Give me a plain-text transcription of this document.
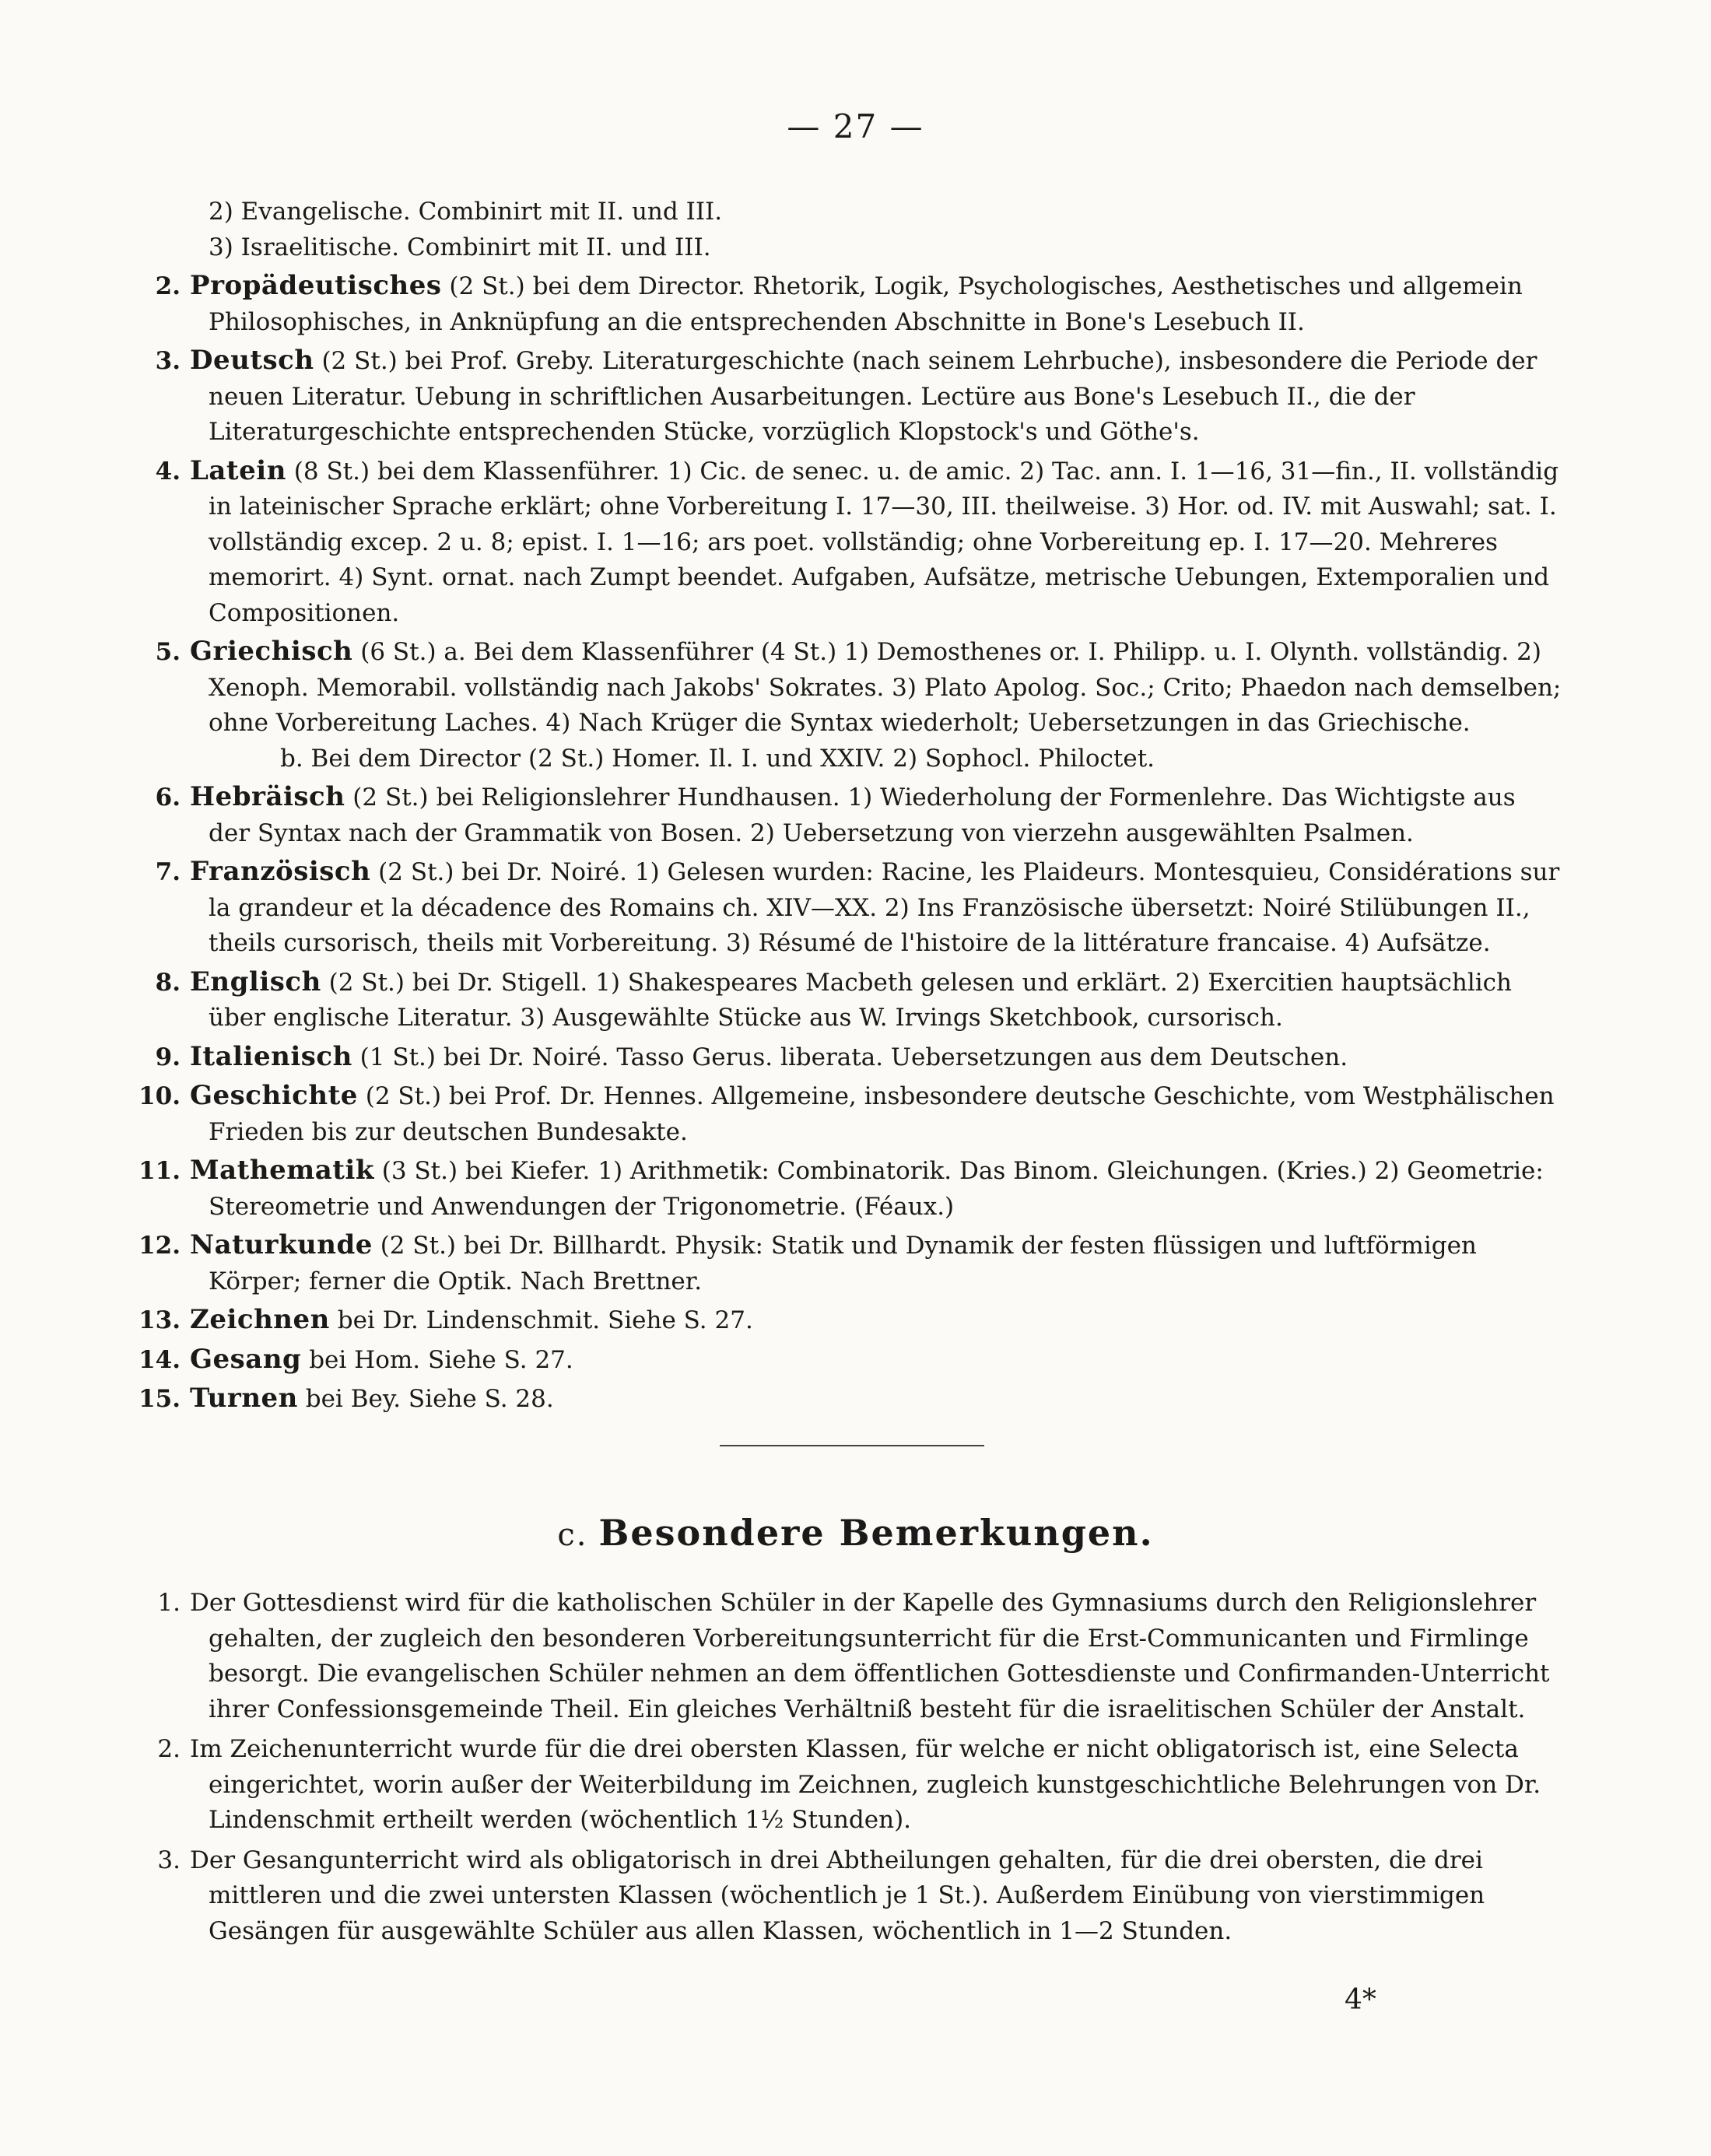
— 27 —
2) Evangelische. Combinirt mit II. und III.
3) Israelitische. Combinirt mit II. und III.
2. Propädeutisches (2 St.) bei dem Director. Rhetorik, Logik, Psychologisches, Aesthetisches und allgemein Philosophisches, in Anknüpfung an die entsprechenden Abschnitte in Bone's Lesebuch II.
3. Deutsch (2 St.) bei Prof. Greby. Literaturgeschichte (nach seinem Lehrbuche), insbesondere die Periode der neuen Literatur. Uebung in schriftlichen Ausarbeitungen. Lectüre aus Bone's Lesebuch II., die der Literaturgeschichte entsprechenden Stücke, vorzüglich Klopstock's und Göthe's.
4. Latein (8 St.) bei dem Klassenführer. 1) Cic. de senec. u. de amic. 2) Tac. ann. I. 1—16, 31—fin., II. vollständig in lateinischer Sprache erklärt; ohne Vorbereitung I. 17—30, III. theilweise. 3) Hor. od. IV. mit Auswahl; sat. I. vollständig excep. 2 u. 8; epist. I. 1—16; ars poet. vollständig; ohne Vorbereitung ep. I. 17—20. Mehreres memorirt. 4) Synt. ornat. nach Zumpt beendet. Aufgaben, Aufsätze, metrische Uebungen, Extemporalien und Compositionen.
5. Griechisch (6 St.) a. Bei dem Klassenführer (4 St.) 1) Demosthenes or. I. Philipp. u. I. Olynth. vollständig. 2) Xenoph. Memorabil. vollständig nach Jakobs' Sokrates. 3) Plato Apolog. Soc.; Crito; Phaedon nach demselben; ohne Vorbereitung Laches. 4) Nach Krüger die Syntax wiederholt; Uebersetzungen in das Griechische.
b. Bei dem Director (2 St.) Homer. Il. I. und XXIV. 2) Sophocl. Philoctet.
6. Hebräisch (2 St.) bei Religionslehrer Hundhausen. 1) Wiederholung der Formenlehre. Das Wichtigste aus der Syntax nach der Grammatik von Bosen. 2) Uebersetzung von vierzehn ausgewählten Psalmen.
7. Französisch (2 St.) bei Dr. Noiré. 1) Gelesen wurden: Racine, les Plaideurs. Montesquieu, Considérations sur la grandeur et la décadence des Romains ch. XIV—XX. 2) Ins Französische übersetzt: Noiré Stilübungen II., theils cursorisch, theils mit Vorbereitung. 3) Résumé de l'histoire de la littérature francaise. 4) Aufsätze.
8. Englisch (2 St.) bei Dr. Stigell. 1) Shakespeares Macbeth gelesen und erklärt. 2) Exercitien hauptsächlich über englische Literatur. 3) Ausgewählte Stücke aus W. Irvings Sketchbook, cursorisch.
9. Italienisch (1 St.) bei Dr. Noiré. Tasso Gerus. liberata. Uebersetzungen aus dem Deutschen.
10. Geschichte (2 St.) bei Prof. Dr. Hennes. Allgemeine, insbesondere deutsche Geschichte, vom Westphälischen Frieden bis zur deutschen Bundesakte.
11. Mathematik (3 St.) bei Kiefer. 1) Arithmetik: Combinatorik. Das Binom. Gleichungen. (Kries.) 2) Geometrie: Stereometrie und Anwendungen der Trigonometrie. (Féaux.)
12. Naturkunde (2 St.) bei Dr. Billhardt. Physik: Statik und Dynamik der festen flüssigen und luftförmigen Körper; ferner die Optik. Nach Brettner.
13. Zeichnen bei Dr. Lindenschmit. Siehe S. 27.
14. Gesang bei Hom. Siehe S. 27.
15. Turnen bei Bey. Siehe S. 28.
c. Besondere Bemerkungen.
1. Der Gottesdienst wird für die katholischen Schüler in der Kapelle des Gymnasiums durch den Religionslehrer gehalten, der zugleich den besonderen Vorbereitungsunterricht für die Erst-Communicanten und Firmlinge besorgt. Die evangelischen Schüler nehmen an dem öffentlichen Gottesdienste und Confirmanden-Unterricht ihrer Confessionsgemeinde Theil. Ein gleiches Verhältniß besteht für die israelitischen Schüler der Anstalt.
2. Im Zeichenunterricht wurde für die drei obersten Klassen, für welche er nicht obligatorisch ist, eine Selecta eingerichtet, worin außer der Weiterbildung im Zeichnen, zugleich kunstgeschichtliche Belehrungen von Dr. Lindenschmit ertheilt werden (wöchentlich 1½ Stunden).
3. Der Gesangunterricht wird als obligatorisch in drei Abtheilungen gehalten, für die drei obersten, die drei mittleren und die zwei untersten Klassen (wöchentlich je 1 St.). Außerdem Einübung von vierstimmigen Gesängen für ausgewählte Schüler aus allen Klassen, wöchentlich in 1—2 Stunden.
4*
